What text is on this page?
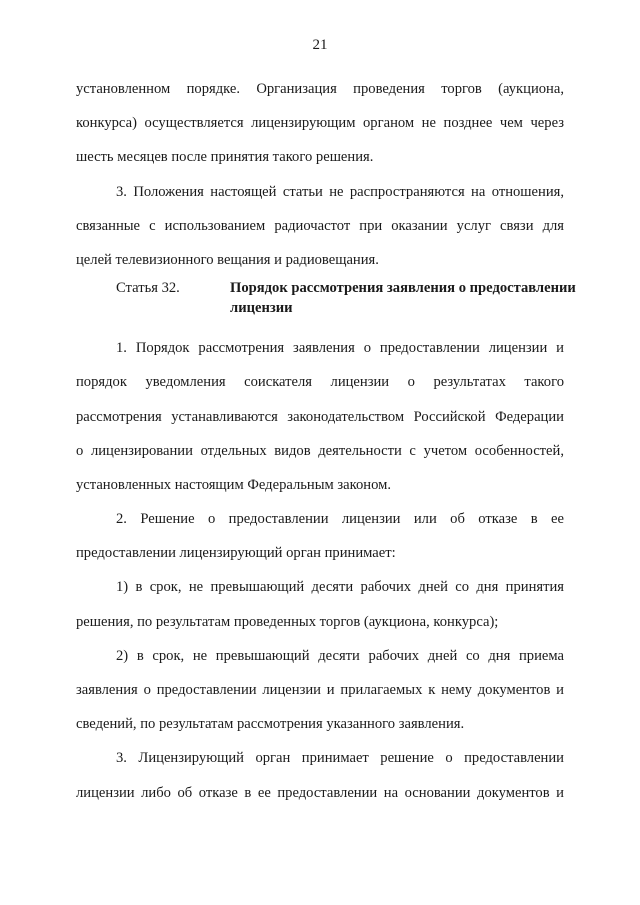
21
установленном порядке. Организация проведения торгов (аукциона,
конкурса) осуществляется лицензирующим органом не позднее чем через
шесть месяцев после принятия такого решения.
3. Положения настоящей статьи не распространяются на отношения,
связанные с использованием радиочастот при оказании услуг связи для
целей телевизионного вещания и радиовещания.
Статья 32.	Порядок рассмотрения заявления о предоставлении
лицензии
1. Порядок рассмотрения заявления о предоставлении лицензии и
порядок уведомления соискателя лицензии о результатах такого
рассмотрения устанавливаются законодательством Российской Федерации
о лицензировании отдельных видов деятельности с учетом особенностей,
установленных настоящим Федеральным законом.
2. Решение о предоставлении лицензии или об отказе в ее
предоставлении лицензирующий орган принимает:
1) в срок, не превышающий десяти рабочих дней со дня принятия
решения, по результатам проведенных торгов (аукциона, конкурса);
2) в срок, не превышающий десяти рабочих дней со дня приема
заявления о предоставлении лицензии и прилагаемых к нему документов и
сведений, по результатам рассмотрения указанного заявления.
3. Лицензирующий орган принимает решение о предоставлении
лицензии либо об отказе в ее предоставлении на основании документов и
